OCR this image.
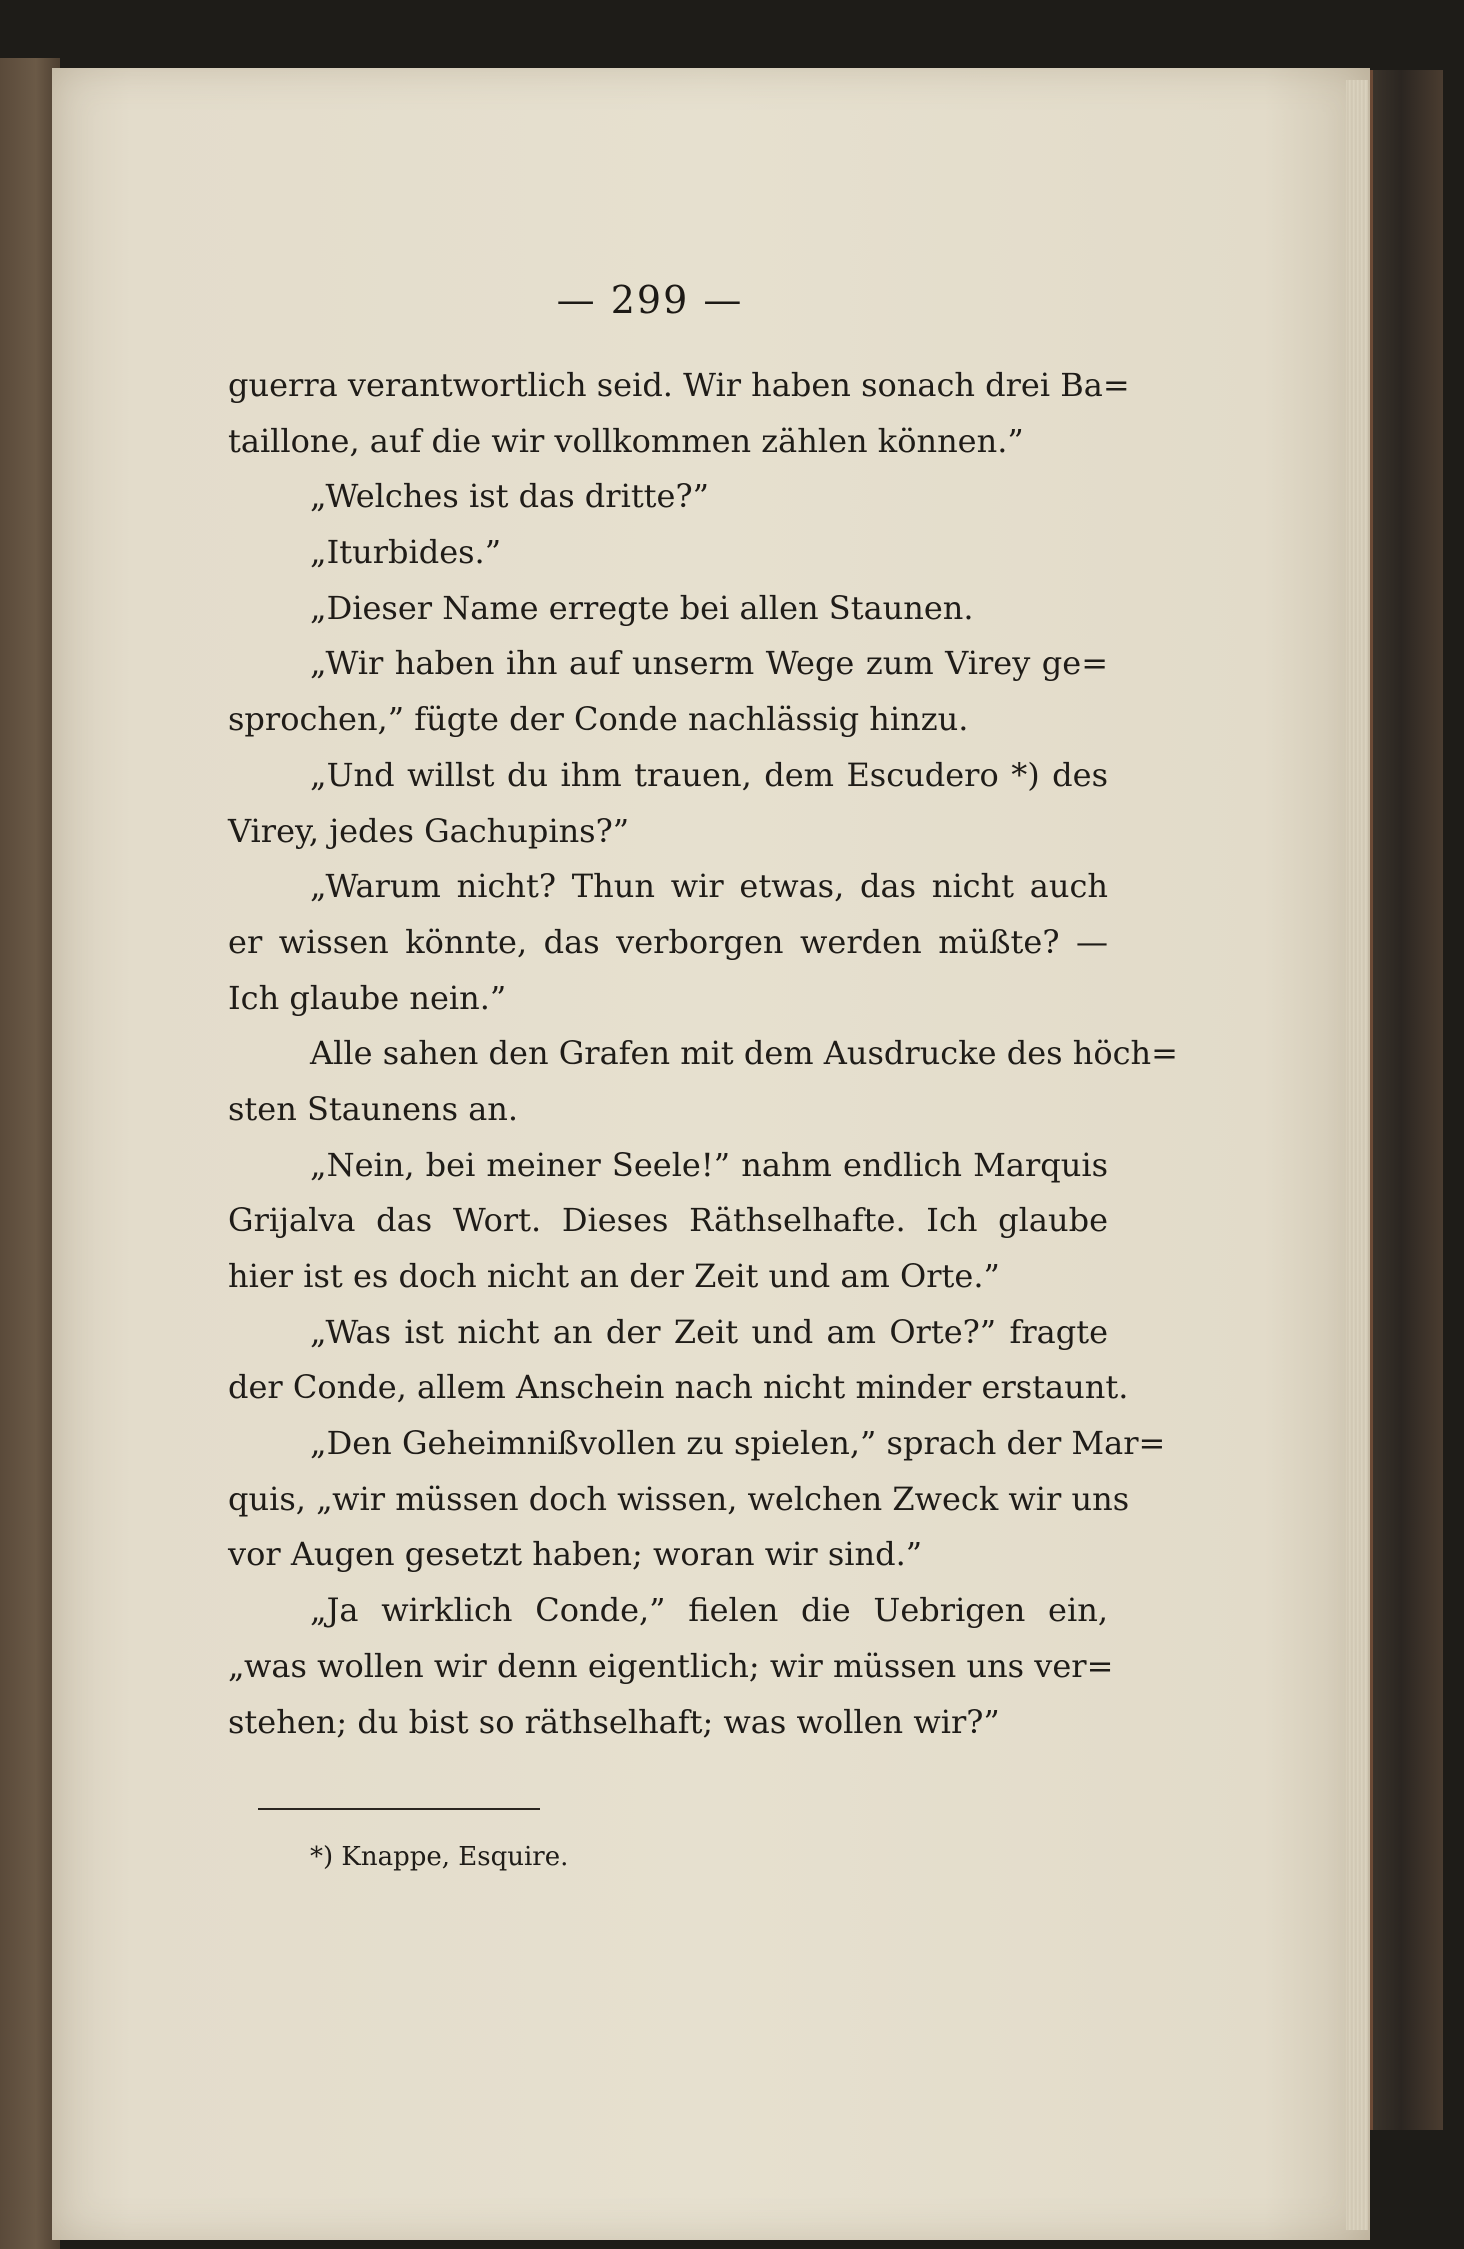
— 299 —
guerra verantwortlich seid. Wir haben sonach drei Ba=
taillone, auf die wir vollkommen zählen können.”
„Welches ist das dritte?”
„Iturbides.”
„Dieser Name erregte bei allen Staunen.
„Wir haben ihn auf unserm Wege zum Virey ge=
sprochen,” fügte der Conde nachlässig hinzu.
„Und willst du ihm trauen, dem Escudero *) des
Virey, jedes Gachupins?”
„Warum nicht? Thun wir etwas, das nicht auch
er wissen könnte, das verborgen werden müßte? —
Ich glaube nein.”
Alle sahen den Grafen mit dem Ausdrucke des höch=
sten Staunens an.
„Nein, bei meiner Seele!” nahm endlich Marquis
Grijalva das Wort. Dieses Räthselhafte. Ich glaube
hier ist es doch nicht an der Zeit und am Orte.”
„Was ist nicht an der Zeit und am Orte?” fragte
der Conde, allem Anschein nach nicht minder erstaunt.
„Den Geheimnißvollen zu spielen,” sprach der Mar=
quis, „wir müssen doch wissen, welchen Zweck wir uns
vor Augen gesetzt haben; woran wir sind.”
„Ja wirklich Conde,” fielen die Uebrigen ein,
„was wollen wir denn eigentlich; wir müssen uns ver=
stehen; du bist so räthselhaft; was wollen wir?”
*) Knappe, Esquire.
